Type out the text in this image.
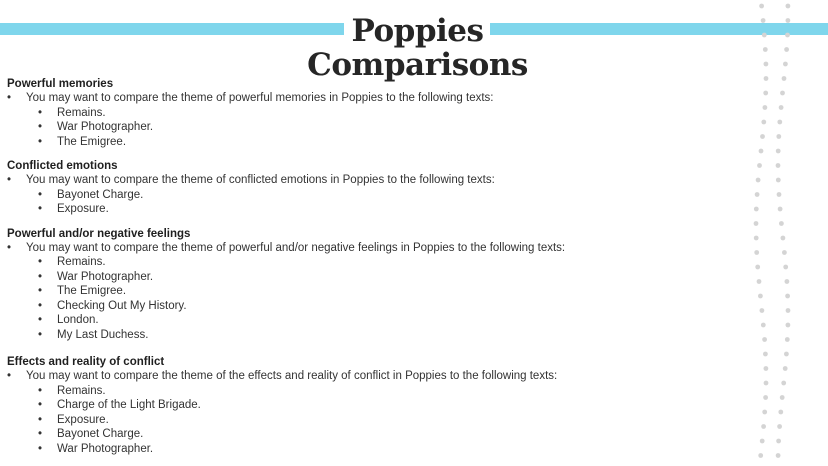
Poppies
Comparisons
Powerful memories
• You may want to compare the theme of powerful memories in Poppies to the following texts:
• Remains.
• War Photographer.
• The Emigree.
Conflicted emotions
• You may want to compare the theme of conflicted emotions in Poppies to the following texts:
• Bayonet Charge.
• Exposure.
Powerful and/or negative feelings
• You may want to compare the theme of powerful and/or negative feelings in Poppies to the following texts:
• Remains.
• War Photographer.
• The Emigree.
• Checking Out My History.
• London.
• My Last Duchess.
Effects and reality of conflict
• You may want to compare the theme of the effects and reality of conflict in Poppies to the following texts:
• Remains.
• Charge of the Light Brigade.
• Exposure.
• Bayonet Charge.
• War Photographer.
